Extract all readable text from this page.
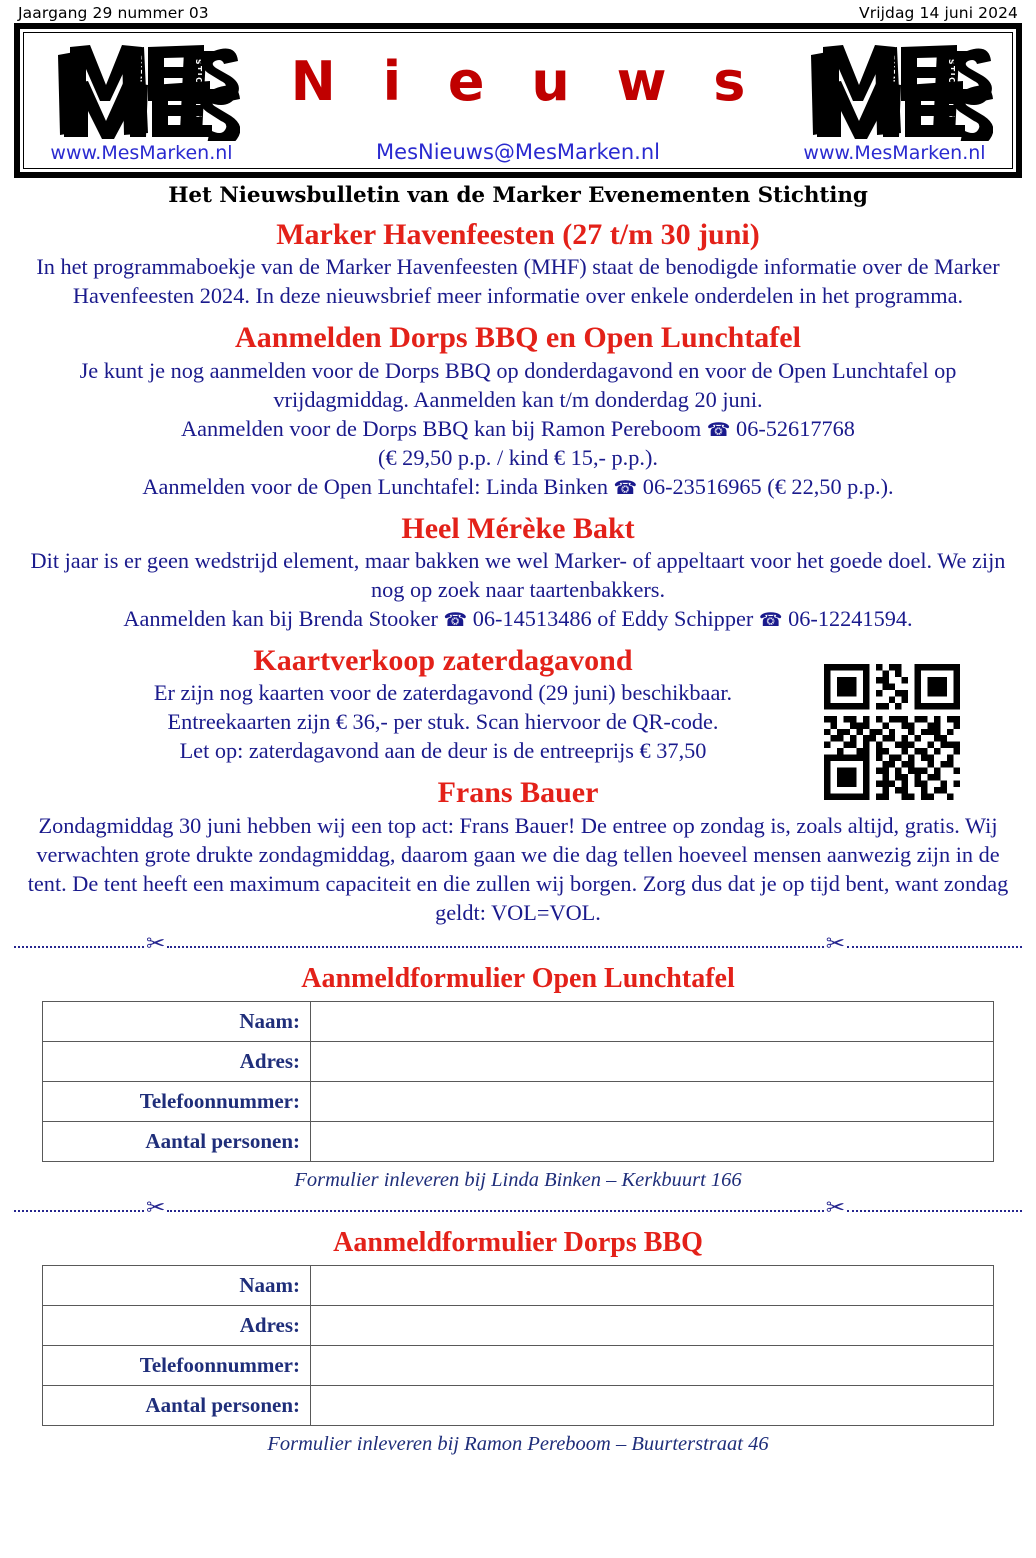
Jaargang 29 nummer 03	Vrijdag 14 juni 2024
www.MesMarken.nl
N i e u w s
MesNieuws@MesMarken.nl	www.MesMarken.nl
Het Nieuwsbulletin van de Marker Evenementen Stichting
Marker Havenfeesten (27 t/m 30 juni)

In het programmaboekje van de Marker Havenfeesten (MHF) staat de benodigde informatie over de Marker Havenfeesten 2024. In deze nieuwsbrief meer informatie over enkele onderdelen in het programma.

Aanmelden Dorps BBQ en Open Lunchtafel

Je kunt je nog aanmelden voor de Dorps BBQ op donderdagavond en voor de Open Lunchtafel op vrijdagmiddag. Aanmelden kan t/m donderdag 20 juni.

Aanmelden voor de Dorps BBQ kan bij Ramon Pereboom ☎ 06-52617768

(€ 29,50 p.p. / kind € 15,- p.p.).

Aanmelden voor de Open Lunchtafel: Linda Binken ☎ 06-23516965 (€ 22,50 p.p.).

Heel Mérèke Bakt

Dit jaar is er geen wedstrijd element, maar bakken we wel Marker- of appeltaart voor het goede doel. We zijn nog op zoek naar taartenbakkers.

Aanmelden kan bij Brenda Stooker ☎ 06-14513486 of Eddy Schipper ☎ 06-12241594.

Kaartverkoop zaterdagavond

Er zijn nog kaarten voor de zaterdagavond (29 juni) beschikbaar.

Entreekaarten zijn € 36,- per stuk. Scan hiervoor de QR-code.

Let op: zaterdagavond aan de deur is de entreeprijs € 37,50

Frans Bauer

Zondagmiddag 30 juni hebben wij een top act: Frans Bauer! De entree op zondag is, zoals altijd, gratis. Wij verwachten grote drukte zondagmiddag, daarom gaan we die dag tellen hoeveel mensen aanwezig zijn in de tent. De tent heeft een maximum capaciteit en die zullen wij borgen. Zorg dus dat je op tijd bent, want zondag geldt: VOL=VOL.

✂	✂
Aanmeldformulier Open Lunchtafel
Naam:	
Adres:	
Telefoonnummer:	
Aantal personen:	
Formulier inleveren bij Linda Binken – Kerkbuurt 166
✂	✂
Aanmeldformulier Dorps BBQ
Naam:	
Adres:	
Telefoonnummer:	
Aantal personen:	
Formulier inleveren bij Ramon Pereboom – Buurterstraat 46
